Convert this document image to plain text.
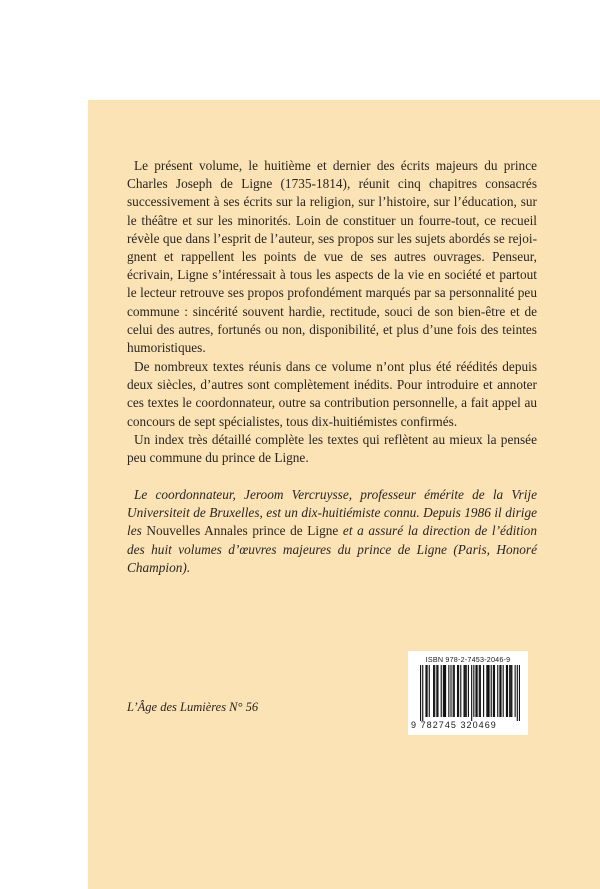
Le présent volume, le huitième et dernier des écrits majeurs du prince Charles Joseph de Ligne (1735-1814), réunit cinq chapitres consacrés successivement à ses écrits sur la religion, sur l’histoire, sur l’éducation, sur le théâtre et sur les minorités. Loin de constituer un fourre-tout, ce recueil révèle que dans l’esprit de l’auteur, ses propos sur les sujets abordés se rejoignent et rappellent les points de vue de ses autres ouvrages. Penseur, écrivain, Ligne s’intéressait à tous les aspects de la vie en société et partout le lecteur retrouve ses propos profondément marqués par sa personnalité peu commune : sincérité souvent hardie, rectitude, souci de son bien-être et de celui des autres, fortunés ou non, disponibilité, et plus d’une fois des teintes humoristiques.

De nombreux textes réunis dans ce volume n’ont plus été réédités depuis deux siècles, d’autres sont complètement inédits. Pour introduire et annoter ces textes le coordonnateur, outre sa contribution personnelle, a fait appel au concours de sept spécialistes, tous dix-huitiémistes confirmés.

Un index très détaillé complète les textes qui reflètent au mieux la pensée peu commune du prince de Ligne.

Le coordonnateur, Jeroom Vercruysse, professeur émérite de la Vrije Universiteit de Bruxelles, est un dix-huitiémiste connu. Depuis 1986 il dirige les Nouvelles Annales prince de Ligne et a assuré la direction de l’édition des huit volumes d’œuvres majeures du prince de Ligne (Paris, Honoré Champion).

L’Âge des Lumières N° 56
ISBN 978-2-7453-2046-9
9 782745 320469
